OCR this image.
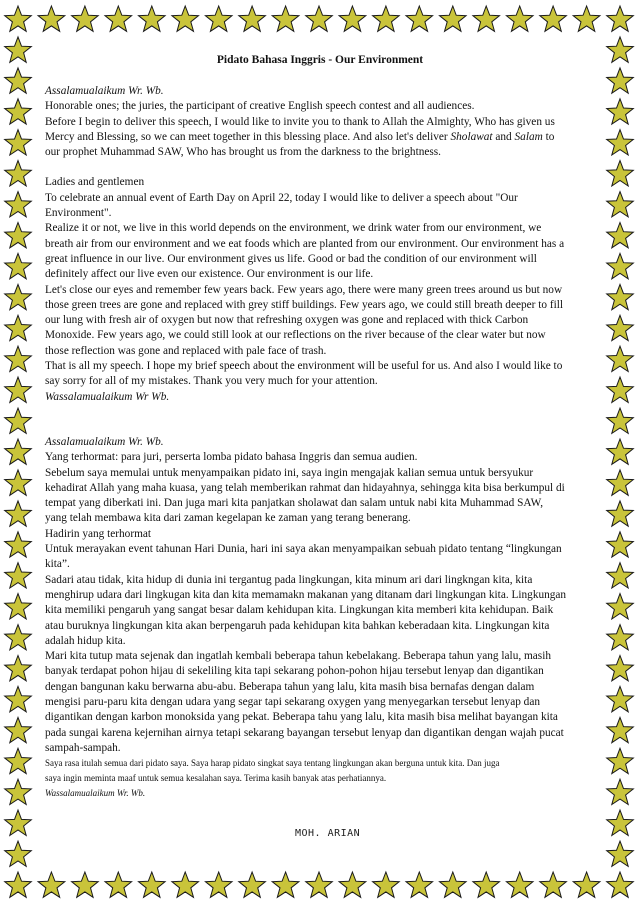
Pidato Bahasa Inggris - Our Environment
Assalamualaikum Wr. Wb.
Honorable ones; the juries, the participant of creative English speech contest and all audiences.
Before I begin to deliver this speech, I would like to invite you to thank to Allah the Almighty, Who has given us
Mercy and Blessing, so we can meet together in this blessing place. And also let's deliver Sholawat and Salam to
our prophet Muhammad SAW, Who has brought us from the darkness to the brightness.
Ladies and gentlemen
To celebrate an annual event of Earth Day on April 22, today I would like to deliver a speech about "Our
Environment".
Realize it or not, we live in this world depends on the environment, we drink water from our environment, we
breath air from our environment and we eat foods which are planted from our environment. Our environment has a
great influence in our live. Our environment gives us life. Good or bad the condition of our environment will
definitely affect our live even our existence. Our environment is our life.
Let's close our eyes and remember few years back. Few years ago, there were many green trees around us but now
those green trees are gone and replaced with grey stiff buildings. Few years ago, we could still breath deeper to fill
our lung with fresh air of oxygen but now that refreshing oxygen was gone and replaced with thick Carbon
Monoxide. Few years ago, we could still look at our reflections on the river because of the clear water but now
those reflection was gone and replaced with pale face of trash.
That is all my speech. I hope my brief speech about the environment will be useful for us. And also I would like to
say sorry for all of my mistakes. Thank you very much for your attention.
Wassalamualaikum Wr Wb.
Assalamualaikum Wr. Wb.
Yang terhormat: para juri, perserta lomba pidato bahasa Inggris dan semua audien.
Sebelum saya memulai untuk menyampaikan pidato ini, saya ingin mengajak kalian semua untuk bersyukur
kehadirat Allah yang maha kuasa, yang telah memberikan rahmat dan hidayahnya, sehingga kita bisa berkumpul di
tempat yang diberkati ini. Dan juga mari kita panjatkan sholawat dan salam untuk nabi kita Muhammad SAW,
yang telah membawa kita dari zaman kegelapan ke zaman yang terang benerang.
Hadirin yang terhormat
Untuk merayakan event tahunan Hari Dunia, hari ini saya akan menyampaikan sebuah pidato tentang “lingkungan
kita”.
Sadari atau tidak, kita hidup di dunia ini tergantug pada lingkungan, kita minum ari dari lingkngan kita, kita
menghirup udara dari lingkugan kita dan kita memamakn makanan yang ditanam dari lingkungan kita. Lingkungan
kita memiliki pengaruh yang sangat besar dalam kehidupan kita. Lingkungan kita memberi kita kehidupan. Baik
atau buruknya lingkungan kita akan berpengaruh pada kehidupan kita bahkan keberadaan kita. Lingkungan kita
adalah hidup kita.
Mari kita tutup mata sejenak dan ingatlah kembali beberapa tahun kebelakang. Beberapa tahun yang lalu, masih
banyak terdapat pohon hijau di sekeliling kita tapi sekarang pohon-pohon hijau tersebut lenyap dan digantikan
dengan bangunan kaku berwarna abu-abu. Beberapa tahun yang lalu, kita masih bisa bernafas dengan dalam
mengisi paru-paru kita dengan udara yang segar tapi sekarang oxygen yang menyegarkan tersebut lenyap dan
digantikan dengan karbon monoksida yang pekat. Beberapa tahu yang lalu, kita masih bisa melihat bayangan kita
pada sungai karena kejernihan airnya tetapi sekarang bayangan tersebut lenyap dan digantikan dengan wajah pucat
sampah-sampah.
Saya rasa itulah semua dari pidato saya. Saya harap pidato singkat saya tentang lingkungan akan berguna untuk kita. Dan juga
saya ingin meminta maaf untuk semua kesalahan saya. Terima kasih banyak atas perhatiannya.
Wassalamualaikum Wr. Wb.
MOH. ARIAN
